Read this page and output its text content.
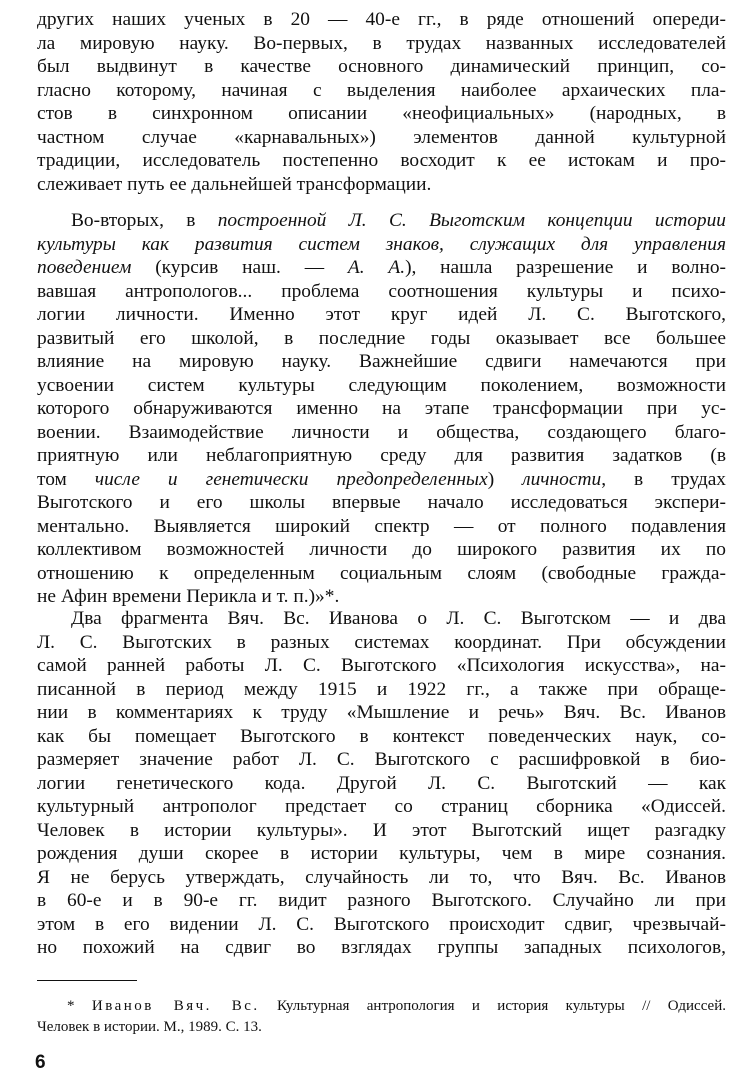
других наших ученых в 20 — 40-е гг., в ряде отношений опереди-
ла мировую науку. Во-первых, в трудах названных исследователей
был выдвинут в качестве основного динамический принцип, со-
гласно которому, начиная с выделения наиболее архаических пла-
стов в синхронном описании «неофициальных» (народных, в
частном случае «карнавальных») элементов данной культурной
традиции, исследователь постепенно восходит к ее истокам и про-
слеживает путь ее дальнейшей трансформации.

Во-вторых, в построенной Л. С. Выготским концепции истории
культуры как развития систем знаков, служащих для управления
поведением (курсив наш. — А. А.), нашла разрешение и волно-
вавшая антропологов... проблема соотношения культуры и психо-
логии личности. Именно этот круг идей Л. С. Выготского,
развитый его школой, в последние годы оказывает все большее
влияние на мировую науку. Важнейшие сдвиги намечаются при
усвоении систем культуры следующим поколением, возможности
которого обнаруживаются именно на этапе трансформации при ус-
воении. Взаимодействие личности и общества, создающего благо-
приятную или неблагоприятную среду для развития задатков (в
том числе и генетически предопределенных) личности, в трудах
Выготского и его школы впервые начало исследоваться экспери-
ментально. Выявляется широкий спектр — от полного подавления
коллективом возможностей личности до широкого развития их по
отношению к определенным социальным слоям (свободные гражда-
не Афин времени Перикла и т. п.)»*.

Два фрагмента Вяч. Вс. Иванова о Л. С. Выготском — и два
Л. С. Выготских в разных системах координат. При обсуждении
самой ранней работы Л. С. Выготского «Психология искусства», на-
писанной в период между 1915 и 1922 гг., а также при обраще-
нии в комментариях к труду «Мышление и речь» Вяч. Вс. Иванов
как бы помещает Выготского в контекст поведенческих наук, со-
размеряет значение работ Л. С. Выготского с расшифровкой в био-
логии генетического кода. Другой Л. С. Выготский — как
культурный антрополог предстает со страниц сборника «Одиссей.
Человек в истории культуры». И этот Выготский ищет разгадку
рождения души скорее в истории культуры, чем в мире сознания.
Я не берусь утверждать, случайность ли то, что Вяч. Вс. Иванов
в 60-е и в 90-е гг. видит разного Выготского. Случайно ли при
этом в его видении Л. С. Выготского происходит сдвиг, чрезвычай-
но похожий на сдвиг во взглядах группы западных психологов,

* Иванов Вяч. Вс. Культурная антропология и история культуры // Одиссей.
Человек в истории. М., 1989. С. 13.
6
